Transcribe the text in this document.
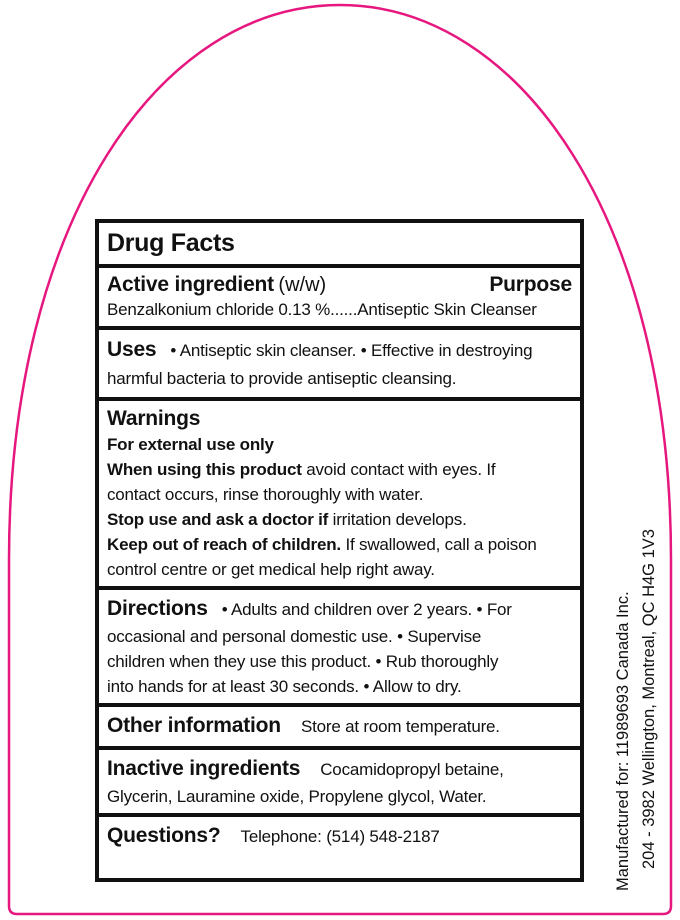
Drug Facts
Active ingredient (w/w)	Purpose
Benzalkonium chloride 0.13 %......Antiseptic Skin Cleanser
Uses • Antiseptic skin cleanser. • Effective in destroying
harmful bacteria to provide antiseptic cleansing.
Warnings
For external use only
When using this product avoid contact with eyes. If
contact occurs, rinse thoroughly with water.
Stop use and ask a doctor if irritation develops.
Keep out of reach of children. If swallowed, call a poison
control centre or get medical help right away.
Directions • Adults and children over 2 years. • For
occasional and personal domestic use. • Supervise
children when they use this product. • Rub thoroughly
into hands for at least 30 seconds. • Allow to dry.
Other information Store at room temperature.
Inactive ingredients Cocamidopropyl betaine,
Glycerin, Lauramine oxide, Propylene glycol, Water.
Questions? Telephone: (514) 548-2187	Manufactured for: 11989693 Canada Inc. 204 - 3982 Wellington, Montreal, QC H4G 1V3
